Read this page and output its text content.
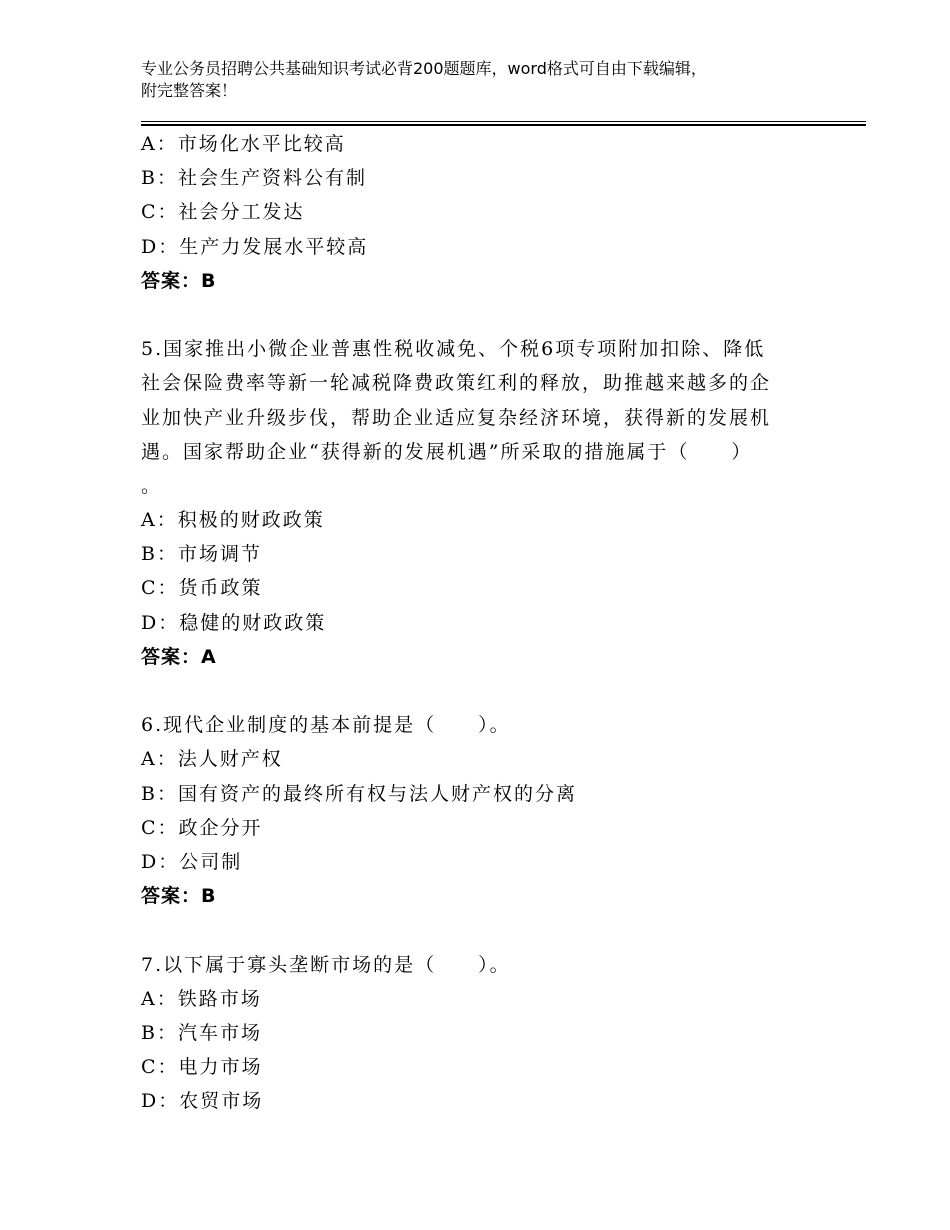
专业公务员招聘公共基础知识考试必背200题题库，word格式可自由下载编辑，
附完整答案！
A：市场化水平比较高
B：社会生产资料公有制
C：社会分工发达
D：生产力发展水平较高
答案：B
5.国家推出小微企业普惠性税收减免、个税6项专项附加扣除、降低
社会保险费率等新一轮减税降费政策红利的释放，助推越来越多的企
业加快产业升级步伐，帮助企业适应复杂经济环境，获得新的发展机
遇。国家帮助企业“获得新的发展机遇”所采取的措施属于（　　）
。
A：积极的财政政策
B：市场调节
C：货币政策
D：稳健的财政政策
答案：A
6.现代企业制度的基本前提是（　　）。
A：法人财产权
B：国有资产的最终所有权与法人财产权的分离
C：政企分开
D：公司制
答案：B
7.以下属于寡头垄断市场的是（　　）。
A：铁路市场
B：汽车市场
C：电力市场
D：农贸市场
